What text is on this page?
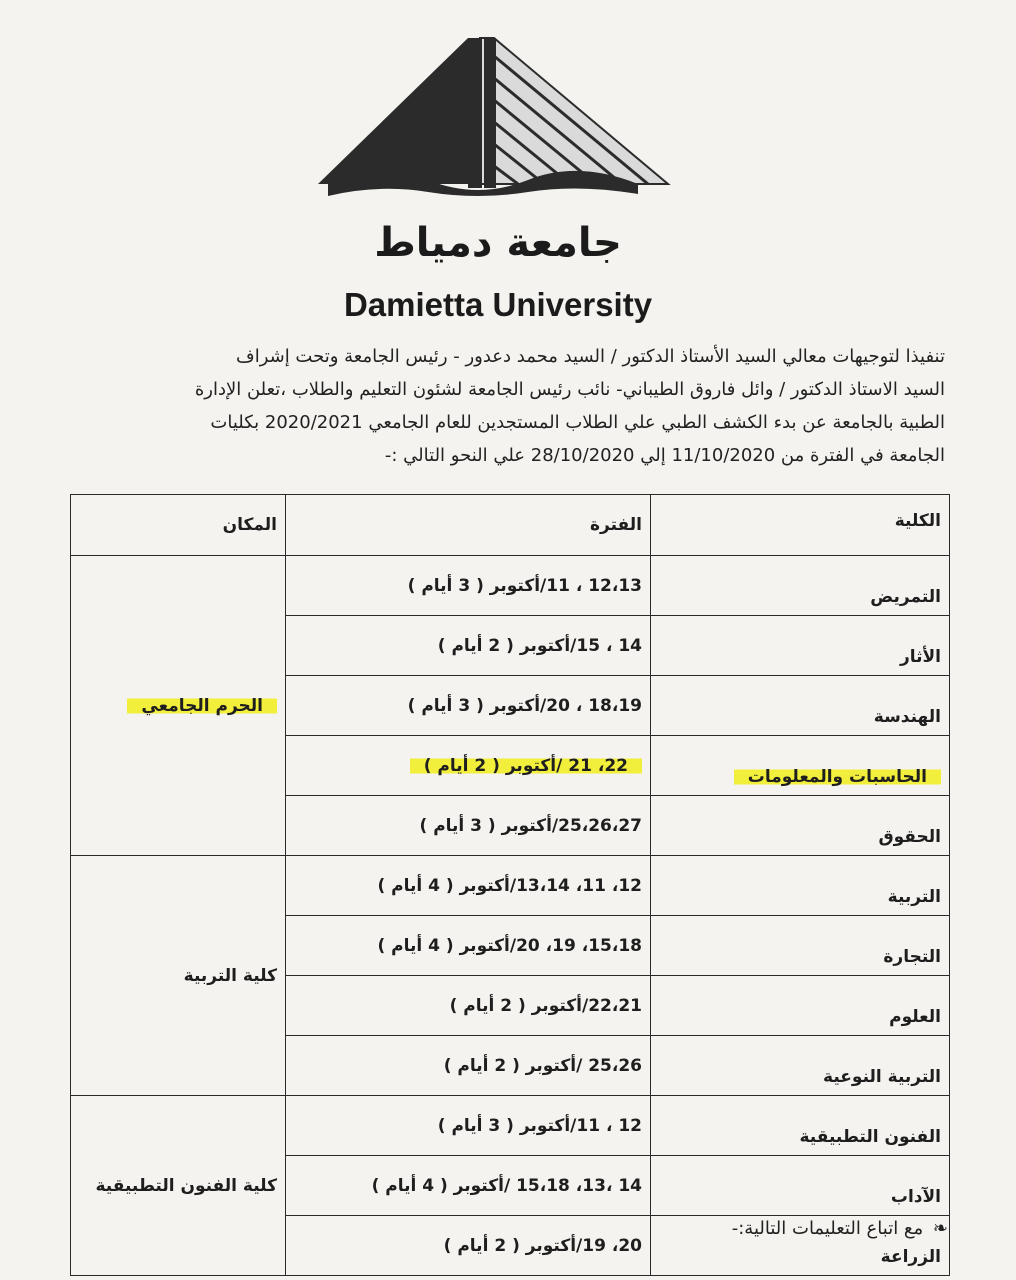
جامعة دمياط
Damietta University

تنفيذا لتوجيهات معالي السيد الأستاذ الدكتور / السيد محمد دعدور - رئيس الجامعة وتحت إشراف

السيد الاستاذ الدكتور / وائل فاروق الطيباني- نائب رئيس الجامعة لشئون التعليم والطلاب ،تعلن الإدارة

الطبية بالجامعة عن بدء الكشف الطبي علي الطلاب المستجدين للعام الجامعي 2020/2021 بكليات

الجامعة في الفترة من 11/10/2020 إلي 28/10/2020 علي النحو التالي :-

الكلية	الفترة	المكان
التمريض	12،13 ، 11/أكتوبر ( 3 أيام )	الحرم الجامعي
الأثار	14 ، 15/أكتوبر ( 2 أيام )	
الهندسة	18،19 ، 20/أكتوبر ( 3 أيام )	
الحاسبات والمعلومات	22، 21 /أكتوبر ( 2 أيام )	
الحقوق	25،26،27/أكتوبر ( 3 أيام )	
التربية	12، 11، 13،14/أكتوبر ( 4 أيام )	كلية التربية
التجارة	15،18، 19، 20/أكتوبر ( 4 أيام )	
العلوم	22،21/أكتوبر ( 2 أيام )	
التربية النوعية	25،26 /أكتوبر ( 2 أيام )	
الفنون التطبيقية	12 ، 11/أكتوبر ( 3 أيام )	كلية الفنون التطبيقية
الآداب	14 ،13، 15،18 /أكتوبر ( 4 أيام )	
الزراعة	20، 19/أكتوبر ( 2 أيام )	
❧ مع اتباع التعليمات التالية:-
